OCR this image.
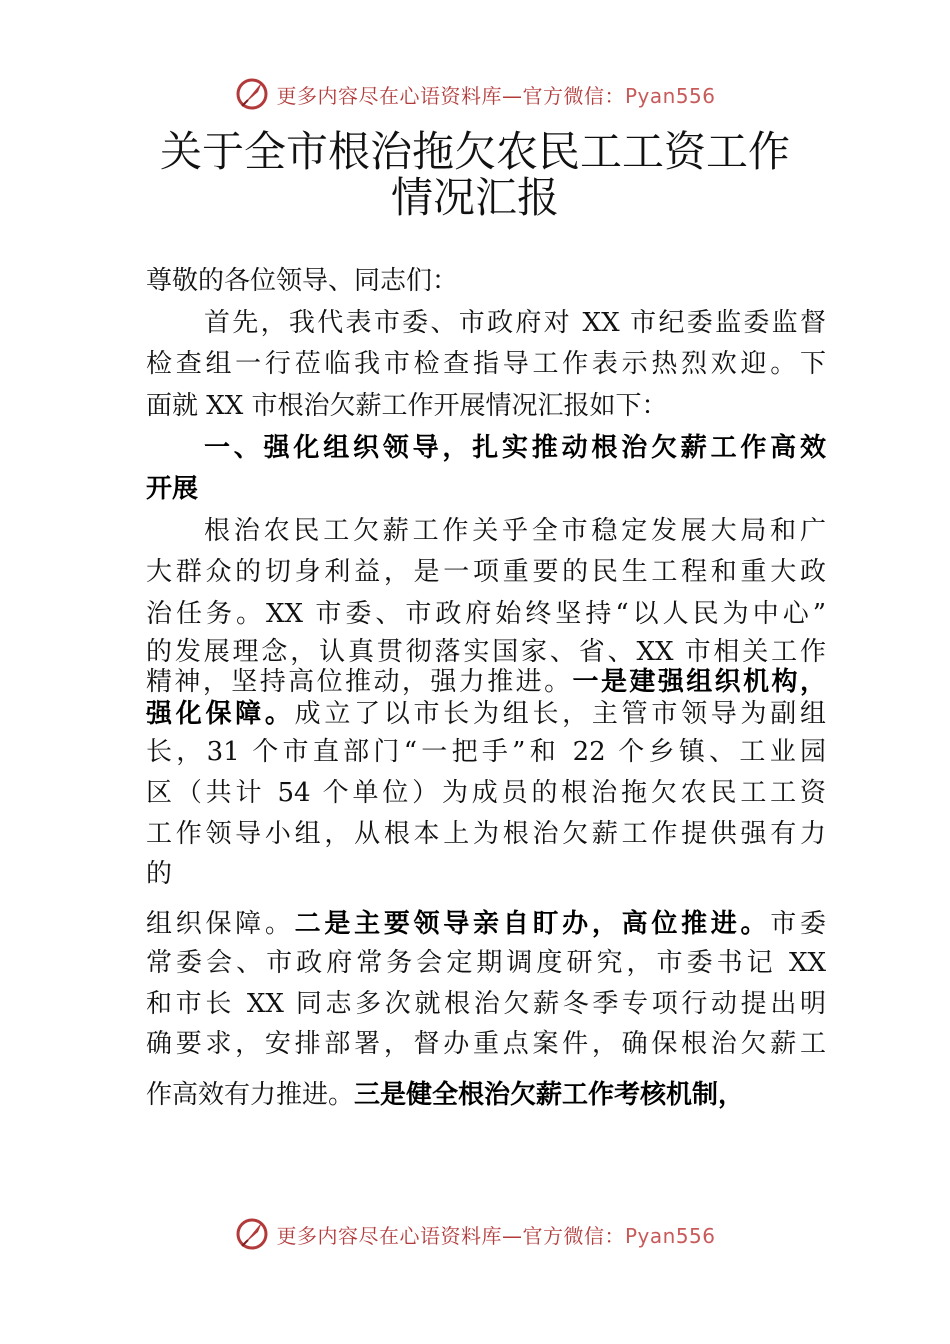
更多内容尽在心语资料库—官方微信：Pyan556
关于全市根治拖欠农民工工资工作
情况汇报
尊敬的各位领导、同志们：
首先，我代表市委、市政府对 XX 市纪委监委监督
检查组一行莅临我市检查指导工作表示热烈欢迎。下
面就 XX 市根治欠薪工作开展情况汇报如下：
一、强化组织领导，扎实推动根治欠薪工作高效
开展
根治农民工欠薪工作关乎全市稳定发展大局和广
大群众的切身利益，是一项重要的民生工程和重大政
治任务。XX 市委、市政府始终坚持“以人民为中心”
的发展理念，认真贯彻落实国家、省、XX 市相关工作
精神，坚持高位推动，强力推进。一是建强组织机构，
强化保障。成立了以市长为组长，主管市领导为副组
长，31 个市直部门“一把手”和 22 个乡镇、工业园
区（共计 54 个单位）为成员的根治拖欠农民工工资
工作领导小组，从根本上为根治欠薪工作提供强有力
的
组织保障。二是主要领导亲自盯办，高位推进。市委
常委会、市政府常务会定期调度研究，市委书记 XX
和市长 XX 同志多次就根治欠薪冬季专项行动提出明
确要求，安排部署，督办重点案件，确保根治欠薪工
作高效有力推进。三是健全根治欠薪工作考核机制，
更多内容尽在心语资料库—官方微信：Pyan556
